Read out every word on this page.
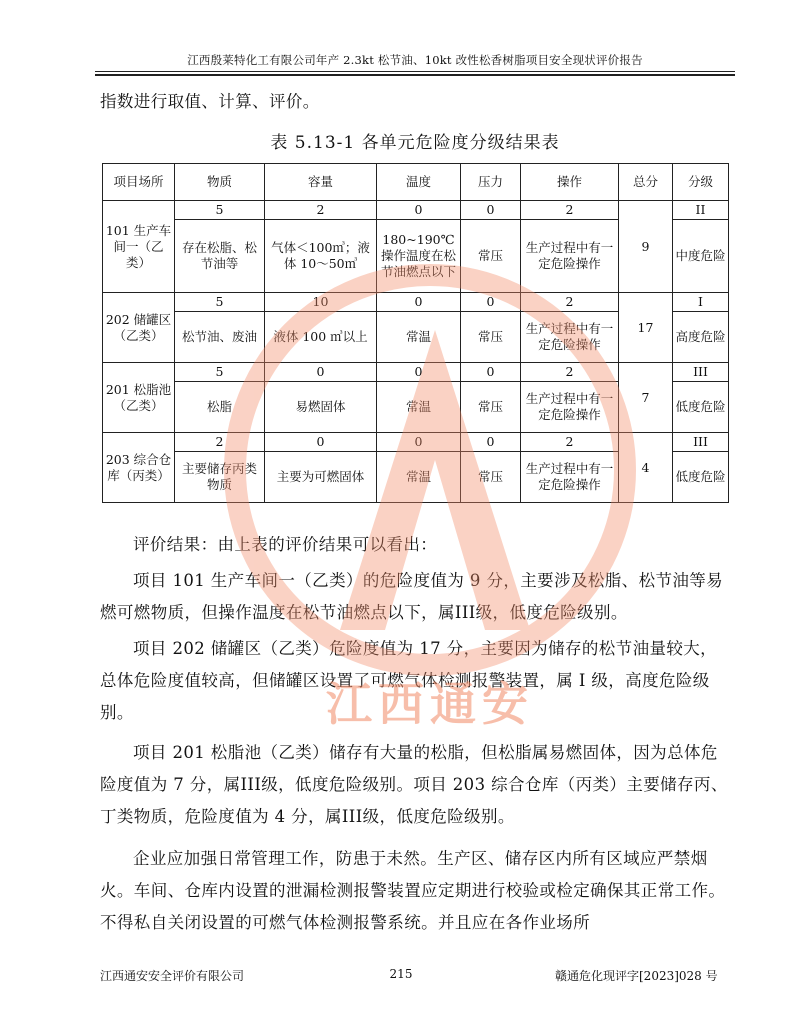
江西殷莱特化工有限公司年产 2.3kt 松节油、10kt 改性松香树脂项目安全现状评价报告
指数进行取值、计算、评价。
表 5.13-1 各单元危险度分级结果表
项目场所	物质	容量	温度	压力	操作	总分	分级
101 生产车间一（乙类）	5	2	0	0	2	9	II
	存在松脂、松节油等	气体＜100㎥；液体 10～50㎥	180~190℃ 操作温度在松节油燃点以下	常压	生产过程中有一定危险操作		中度危险
202 储罐区（乙类）	5	10	0	0	2	17	I
	松节油、废油	液体 100 ㎥以上	常温	常压	生产过程中有一定危险操作		高度危险
201 松脂池（乙类）	5	0	0	0	2	7	III
	松脂	易燃固体	常温	常压	生产过程中有一定危险操作		低度危险
203 综合仓库（丙类）	2	0	0	0	2	4	III
	主要储存丙类物质	主要为可燃固体	常温	常压	生产过程中有一定危险操作		低度危险
评价结果：由上表的评价结果可以看出：
项目 101 生产车间一（乙类）的危险度值为 9 分，主要涉及松脂、松节油等易燃可燃物质，但操作温度在松节油燃点以下，属III级，低度危险级别。
项目 202 储罐区（乙类）危险度值为 17 分，主要因为储存的松节油量较大，总体危险度值较高，但储罐区设置了可燃气体检测报警装置，属 I 级，高度危险级别。
项目 201 松脂池（乙类）储存有大量的松脂，但松脂属易燃固体，因为总体危险度值为 7 分，属III级，低度危险级别。项目 203 综合仓库（丙类）主要储存丙、丁类物质，危险度值为 4 分，属III级，低度危险级别。
企业应加强日常管理工作，防患于未然。生产区、储存区内所有区域应严禁烟火。车间、仓库内设置的泄漏检测报警装置应定期进行校验或检定确保其正常工作。不得私自关闭设置的可燃气体检测报警系统。并且应在各作业场所
江西通安
江西通安安全评价有限公司	215	赣通危化现评字[2023]028 号
